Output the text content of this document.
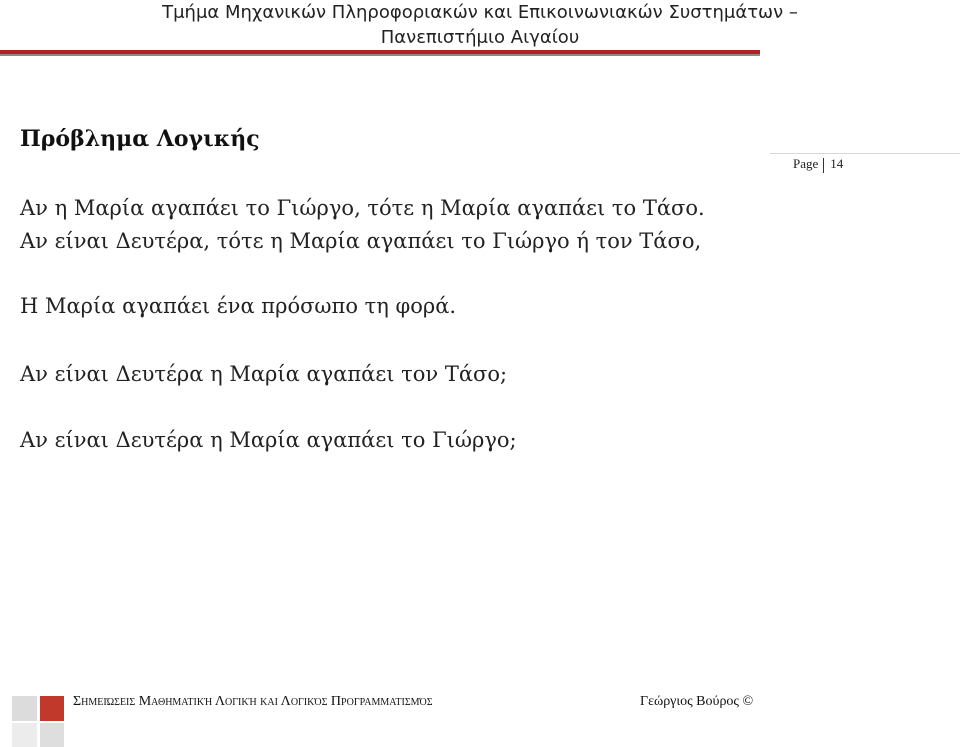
Τμήμα Μηχανικών Πληροφοριακών και Επικοινωνιακών Συστημάτων –
Πανεπιστήμιο Αιγαίου
Page 14
Πρόβλημα Λογικής
Αν η Μαρία αγαπάει το Γιώργο, τότε η Μαρία αγαπάει το Τάσο.
Αν είναι Δευτέρα, τότε η Μαρία αγαπάει το Γιώργο ή τον Τάσο,
Η Μαρία αγαπάει ένα πρόσωπο τη φορά.
Αν είναι Δευτέρα η Μαρία αγαπάει τον Τάσο;
Αν είναι Δευτέρα η Μαρία αγαπάει το Γιώργο;
Σημειώσεις Μαθηματική Λογική και Λογικός Προγραμματισμός	Γεώργιος Βούρος ©
